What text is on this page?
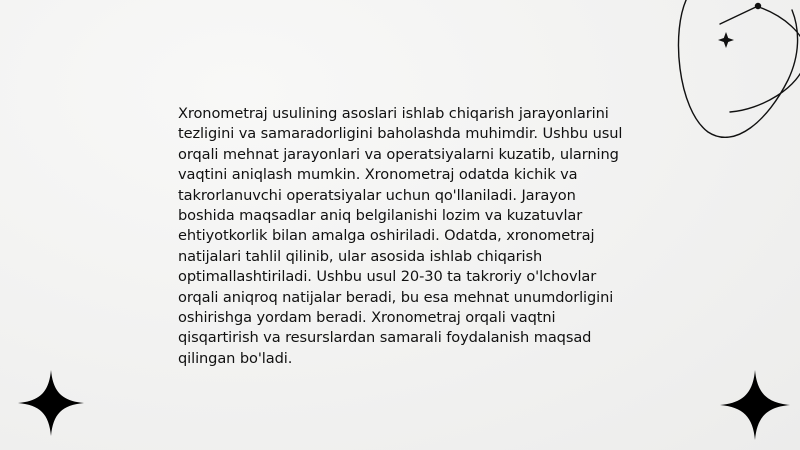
Xronometraj usulining asoslari ishlab chiqarish jarayonlarini tezligini va samaradorligini baholashda muhimdir. Ushbu usul orqali mehnat jarayonlari va operatsiyalarni kuzatib, ularning vaqtini aniqlash mumkin. Xronometraj odatda kichik va takrorlanuvchi operatsiyalar uchun qo'llaniladi. Jarayon boshida maqsadlar aniq belgilanishi lozim va kuzatuvlar ehtiyotkorlik bilan amalga oshiriladi. Odatda, xronometraj natijalari tahlil qilinib, ular asosida ishlab chiqarish optimallashtiriladi. Ushbu usul 20-30 ta takroriy o'lchovlar orqali aniqroq natijalar beradi, bu esa mehnat unumdorligini oshirishga yordam beradi. Xronometraj orqali vaqtni qisqartirish va resurslardan samarali foydalanish maqsad qilingan bo'ladi.
